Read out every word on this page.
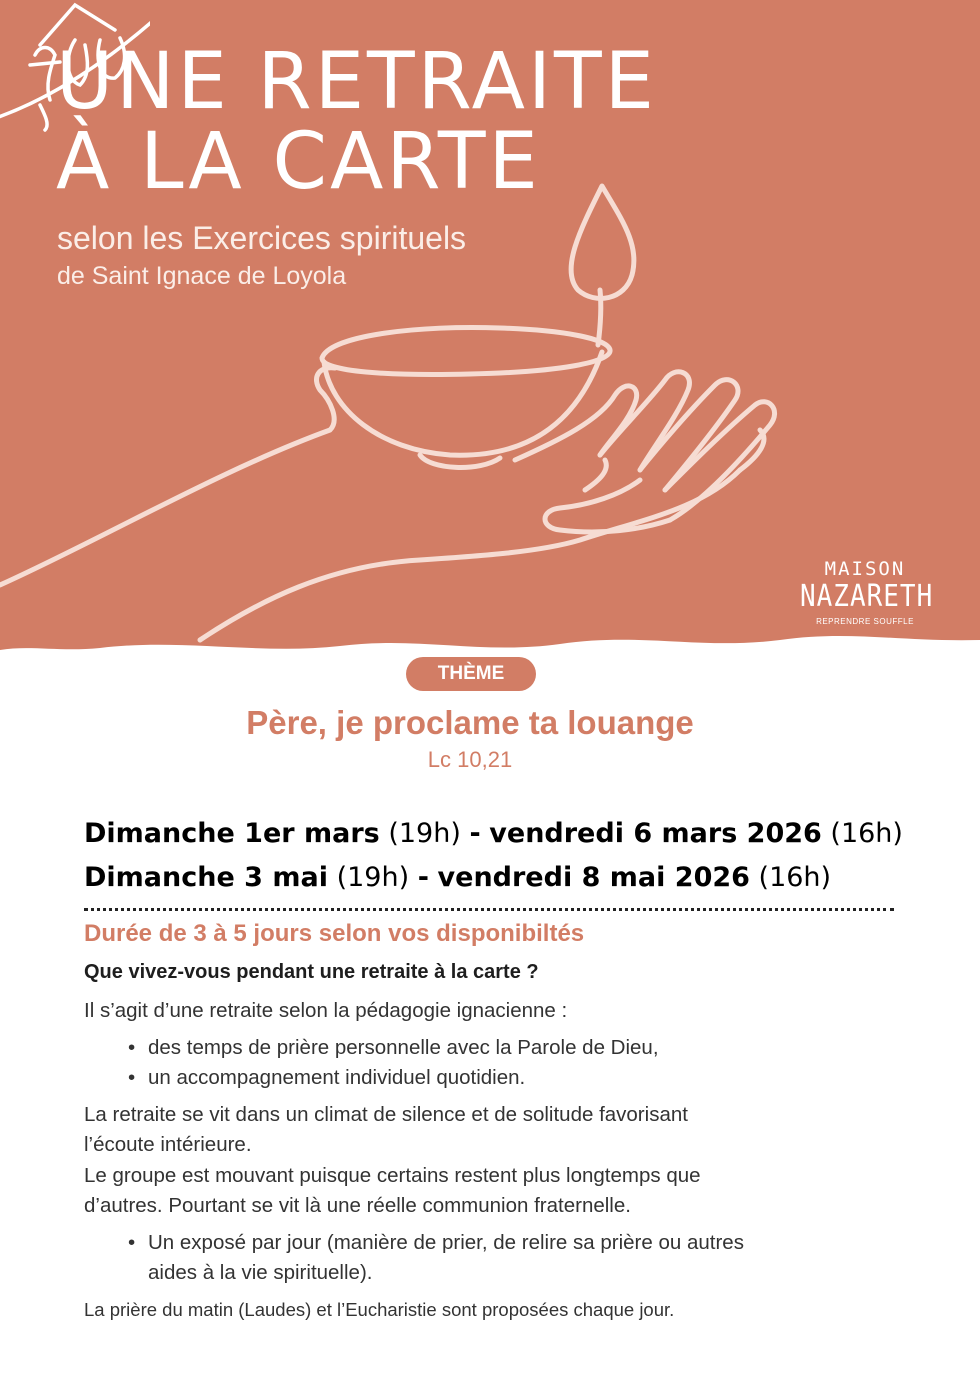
UNE RETRAITE
À LA CARTE
selon les Exercices spirituels
de Saint Ignace de Loyola
MAISON
NAZARETH
REPRENDRE SOUFFLE
THÈME
Père, je proclame ta louange
Lc 10,21
Dimanche 1er mars (19h) - vendredi 6 mars 2026 (16h)
Dimanche 3 mai (19h) - vendredi 8 mai 2026 (16h)
Durée de 3 à 5 jours selon vos disponibiltés
Que vivez-vous pendant une retraite à la carte ?

Il s’agit d’une retraite selon la pédagogie ignacienne :

• des temps de prière personnelle avec la Parole de Dieu,
• un accompagnement individuel quotidien.

La retraite se vit dans un climat de silence et de solitude favorisant
l’écoute intérieure.
Le groupe est mouvant puisque certains restent plus longtemps que
d’autres. Pourtant se vit là une réelle communion fraternelle.

• Un exposé par jour (manière de prier, de relire sa prière ou autres
aides à la vie spirituelle).
La prière du matin (Laudes) et l’Eucharistie sont proposées chaque jour.
